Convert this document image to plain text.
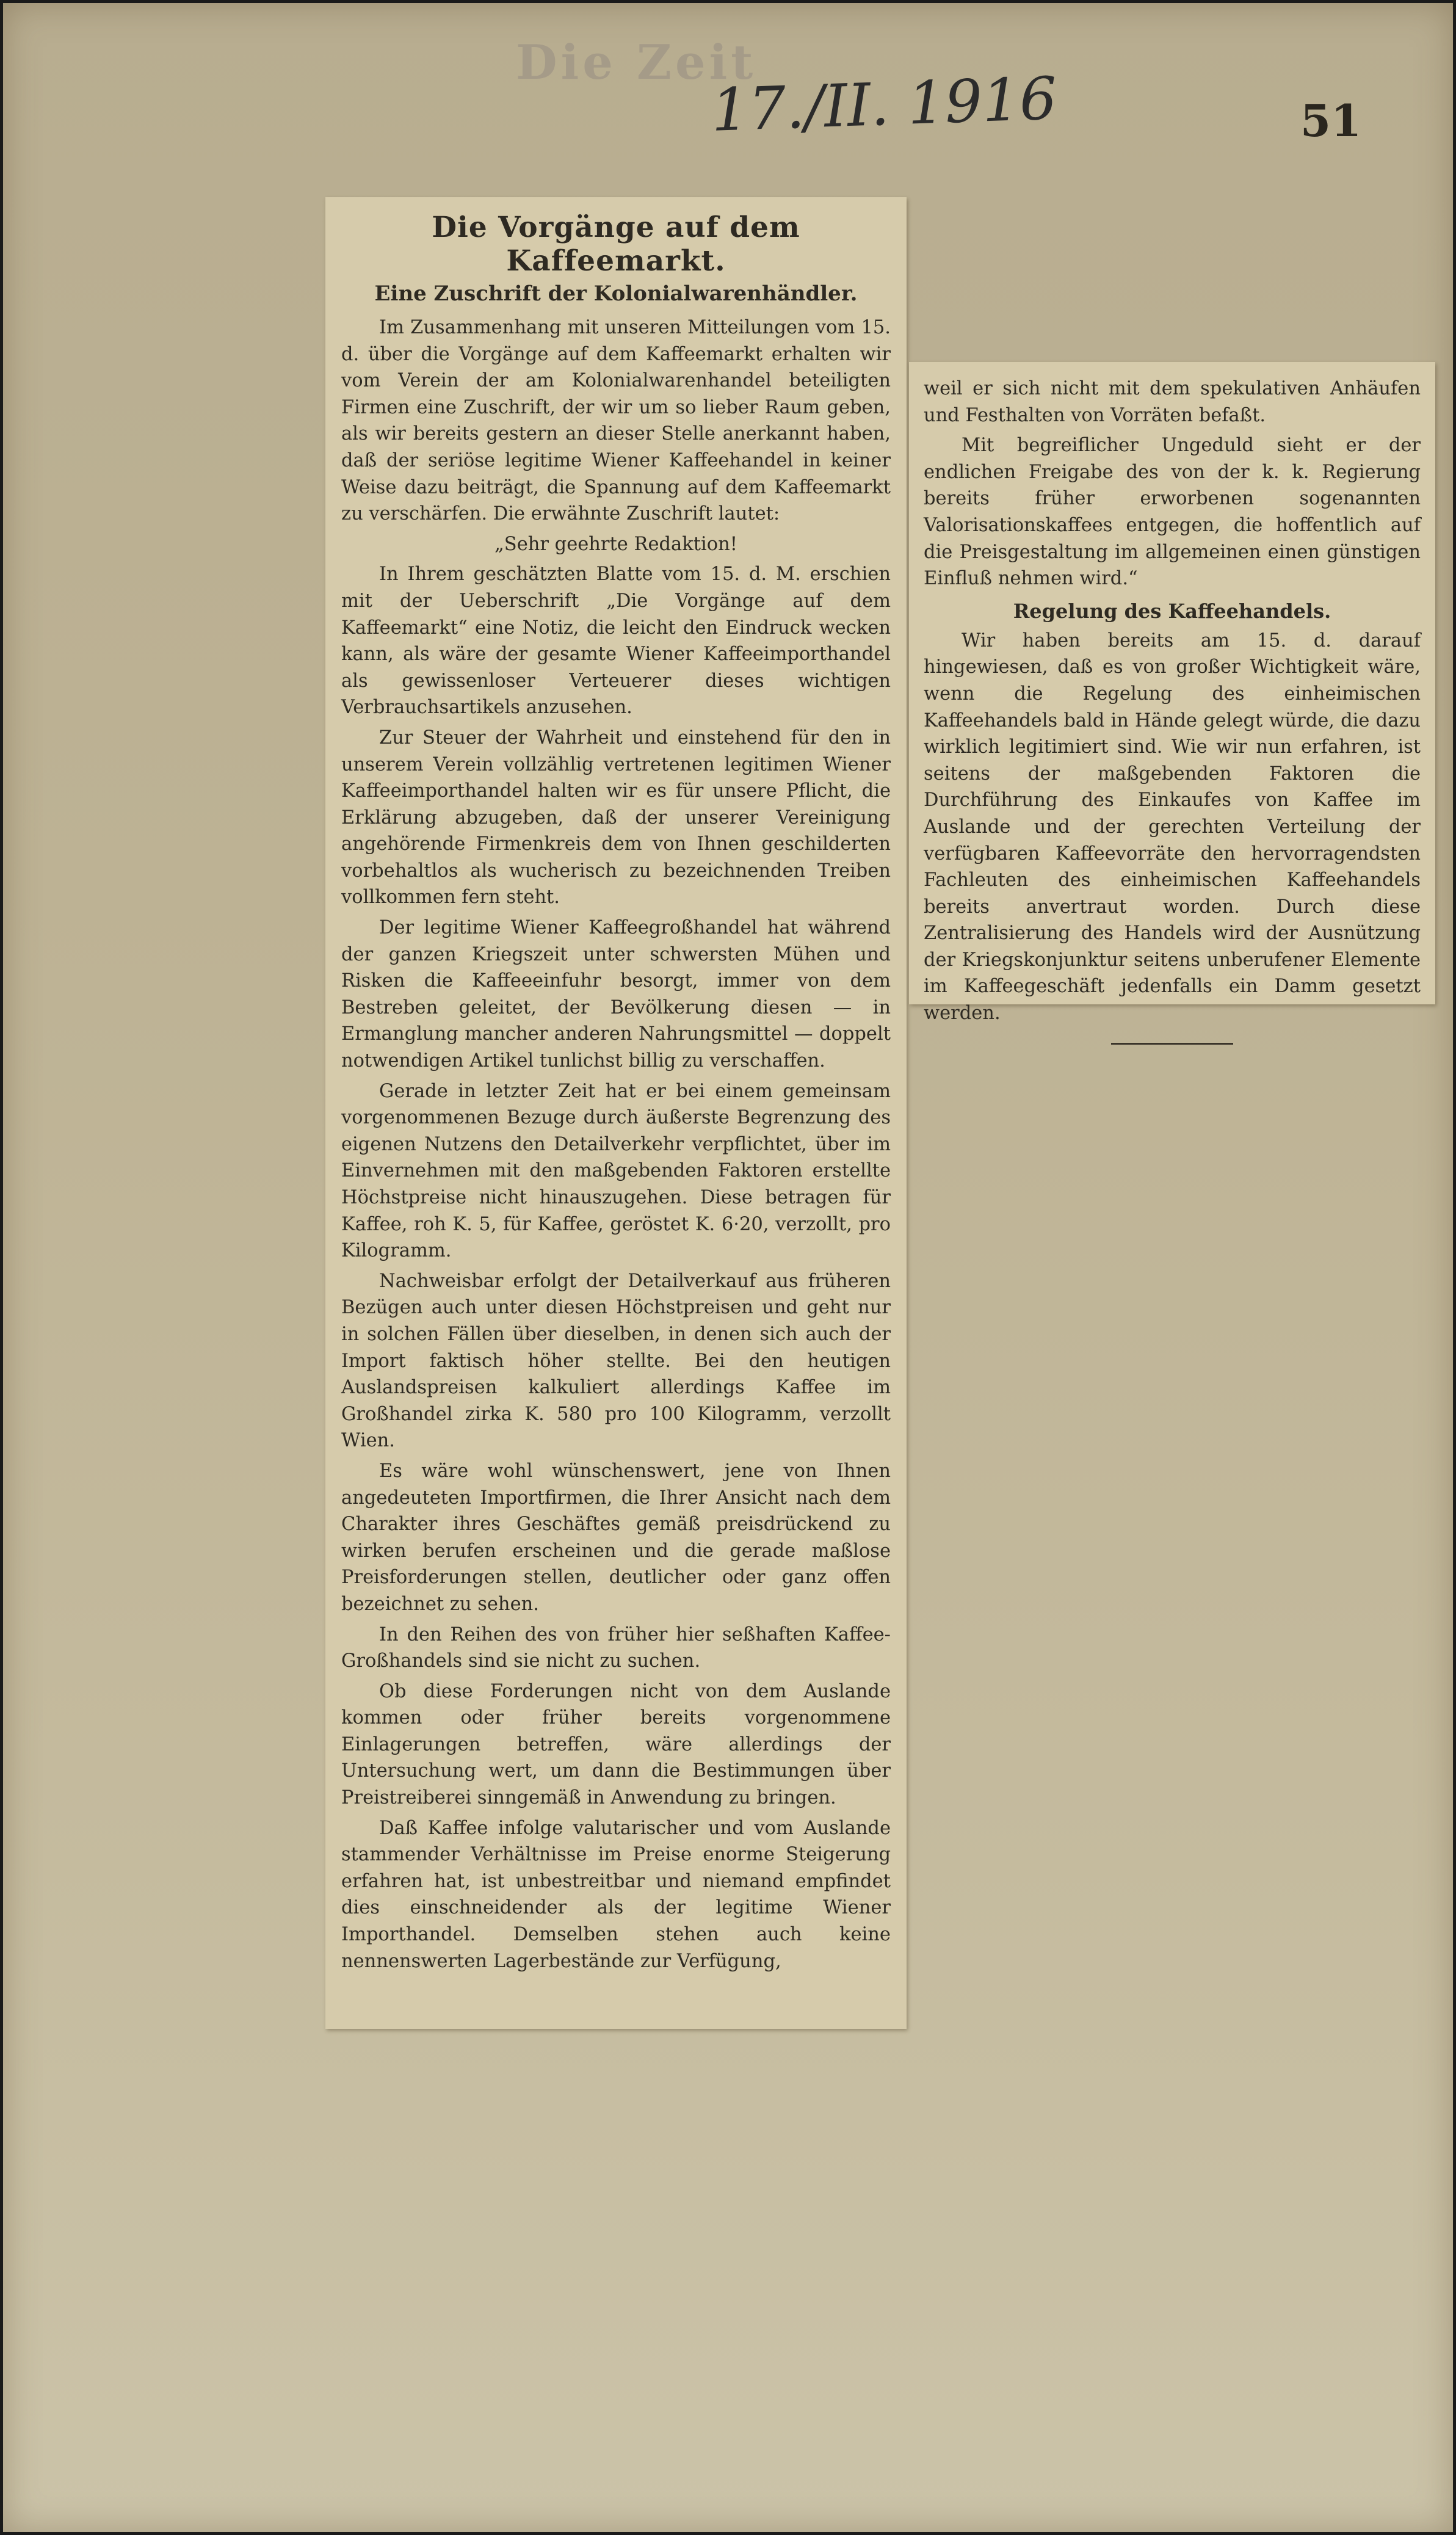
Die Zeit
17./II. 1916	51
Die Vorgänge auf dem Kaffeemarkt.
Eine Zuschrift der Kolonialwarenhändler.

Im Zusammenhang mit unseren Mitteilungen vom 15. d. über die Vorgänge auf dem Kaffeemarkt erhalten wir vom Verein der am Kolonialwarenhandel beteiligten Firmen eine Zuschrift, der wir um so lieber Raum geben, als wir bereits gestern an dieser Stelle anerkannt haben, daß der seriöse legitime Wiener Kaffeehandel in keiner Weise dazu beiträgt, die Spannung auf dem Kaffeemarkt zu verschärfen. Die erwähnte Zuschrift lautet:

„Sehr geehrte Redaktion!

In Ihrem geschätzten Blatte vom 15. d. M. erschien mit der Ueberschrift „Die Vorgänge auf dem Kaffeemarkt“ eine Notiz, die leicht den Eindruck wecken kann, als wäre der gesamte Wiener Kaffeeimporthandel als gewissenloser Verteuerer dieses wichtigen Verbrauchsartikels anzusehen.

Zur Steuer der Wahrheit und einstehend für den in unserem Verein vollzählig vertretenen legitimen Wiener Kaffeeimporthandel halten wir es für unsere Pflicht, die Erklärung abzugeben, daß der unserer Vereinigung angehörende Firmenkreis dem von Ihnen geschilderten vorbehaltlos als wucherisch zu bezeichnenden Treiben vollkommen fern steht.

Der legitime Wiener Kaffeegroßhandel hat während der ganzen Kriegszeit unter schwersten Mühen und Risken die Kaffeeeinfuhr besorgt, immer von dem Bestreben geleitet, der Bevölkerung diesen — in Ermanglung mancher anderen Nahrungsmittel — doppelt notwendigen Artikel tunlichst billig zu verschaffen.

Gerade in letzter Zeit hat er bei einem gemeinsam vorgenommenen Bezuge durch äußerste Begrenzung des eigenen Nutzens den Detailverkehr verpflichtet, über im Einvernehmen mit den maßgebenden Faktoren erstellte Höchstpreise nicht hinauszugehen. Diese betragen für Kaffee, roh K. 5, für Kaffee, geröstet K. 6·20, verzollt, pro Kilogramm.

Nachweisbar erfolgt der Detailverkauf aus früheren Bezügen auch unter diesen Höchstpreisen und geht nur in solchen Fällen über dieselben, in denen sich auch der Import faktisch höher stellte. Bei den heutigen Auslandspreisen kalkuliert allerdings Kaffee im Großhandel zirka K. 580 pro 100 Kilogramm, verzollt Wien.

Es wäre wohl wünschenswert, jene von Ihnen angedeuteten Importfirmen, die Ihrer Ansicht nach dem Charakter ihres Geschäftes gemäß preisdrückend zu wirken berufen erscheinen und die gerade maßlose Preisforderungen stellen, deutlicher oder ganz offen bezeichnet zu sehen.

In den Reihen des von früher hier seßhaften Kaffee-Großhandels sind sie nicht zu suchen.

Ob diese Forderungen nicht von dem Auslande kommen oder früher bereits vorgenommene Einlagerungen betreffen, wäre allerdings der Untersuchung wert, um dann die Bestimmungen über Preistreiberei sinngemäß in Anwendung zu bringen.

Daß Kaffee infolge valutarischer und vom Auslande stammender Verhältnisse im Preise enorme Steigerung erfahren hat, ist unbestreitbar und niemand empfindet dies einschneidender als der legitime Wiener Importhandel. Demselben stehen auch keine nennenswerten Lagerbestände zur Verfügung,

weil er sich nicht mit dem spekulativen Anhäufen und Festhalten von Vorräten befaßt.

Mit begreiflicher Ungeduld sieht er der endlichen Freigabe des von der k. k. Regierung bereits früher erworbenen sogenannten Valorisationskaffees entgegen, die hoffentlich auf die Preisgestaltung im allgemeinen einen günstigen Einfluß nehmen wird.“

Regelung des Kaffeehandels.

Wir haben bereits am 15. d. darauf hingewiesen, daß es von großer Wichtigkeit wäre, wenn die Regelung des einheimischen Kaffeehandels bald in Hände gelegt würde, die dazu wirklich legitimiert sind. Wie wir nun erfahren, ist seitens der maßgebenden Faktoren die Durchführung des Einkaufes von Kaffee im Auslande und der gerechten Verteilung der verfügbaren Kaffeevorräte den hervorragendsten Fachleuten des einheimischen Kaffeehandels bereits anvertraut worden. Durch diese Zentralisierung des Handels wird der Ausnützung der Kriegskonjunktur seitens unberufener Elemente im Kaffeegeschäft jedenfalls ein Damm gesetzt werden.
